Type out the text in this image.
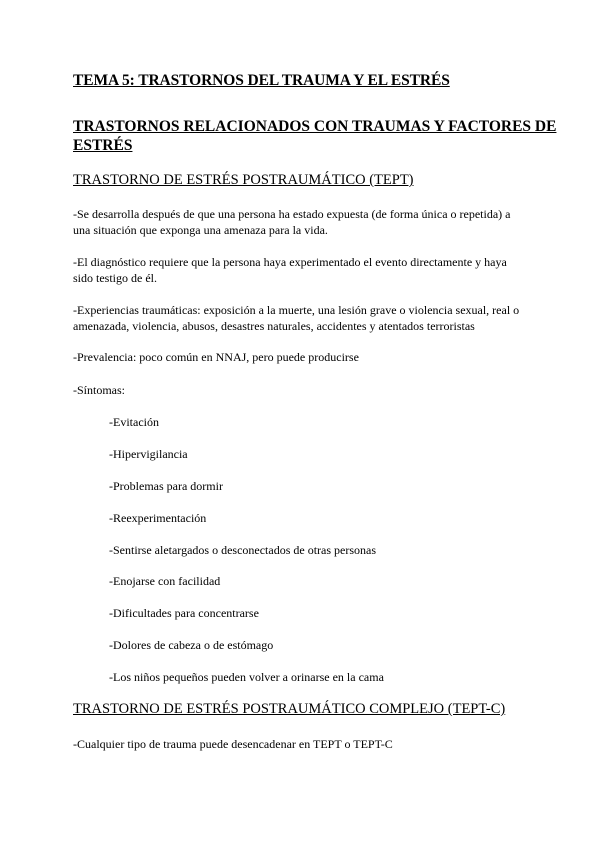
TEMA 5: TRASTORNOS DEL TRAUMA Y EL ESTRÉS
TRASTORNOS RELACIONADOS CON TRAUMAS Y FACTORES DE
ESTRÉS
TRASTORNO DE ESTRÉS POSTRAUMÁTICO (TEPT)
-Se desarrolla después de que una persona ha estado expuesta (de forma única o repetida) a
una situación que exponga una amenaza para la vida.
-El diagnóstico requiere que la persona haya experimentado el evento directamente y haya
sido testigo de él.
-Experiencias traumáticas: exposición a la muerte, una lesión grave o violencia sexual, real o
amenazada, violencia, abusos, desastres naturales, accidentes y atentados terroristas
-Prevalencia: poco común en NNAJ, pero puede producirse
-Síntomas:
-Evitación
-Hipervigilancia
-Problemas para dormir
-Reexperimentación
-Sentirse aletargados o desconectados de otras personas
-Enojarse con facilidad
-Dificultades para concentrarse
-Dolores de cabeza o de estómago
-Los niños pequeños pueden volver a orinarse en la cama
TRASTORNO DE ESTRÉS POSTRAUMÁTICO COMPLEJO (TEPT-C)
-Cualquier tipo de trauma puede desencadenar en TEPT o TEPT-C
